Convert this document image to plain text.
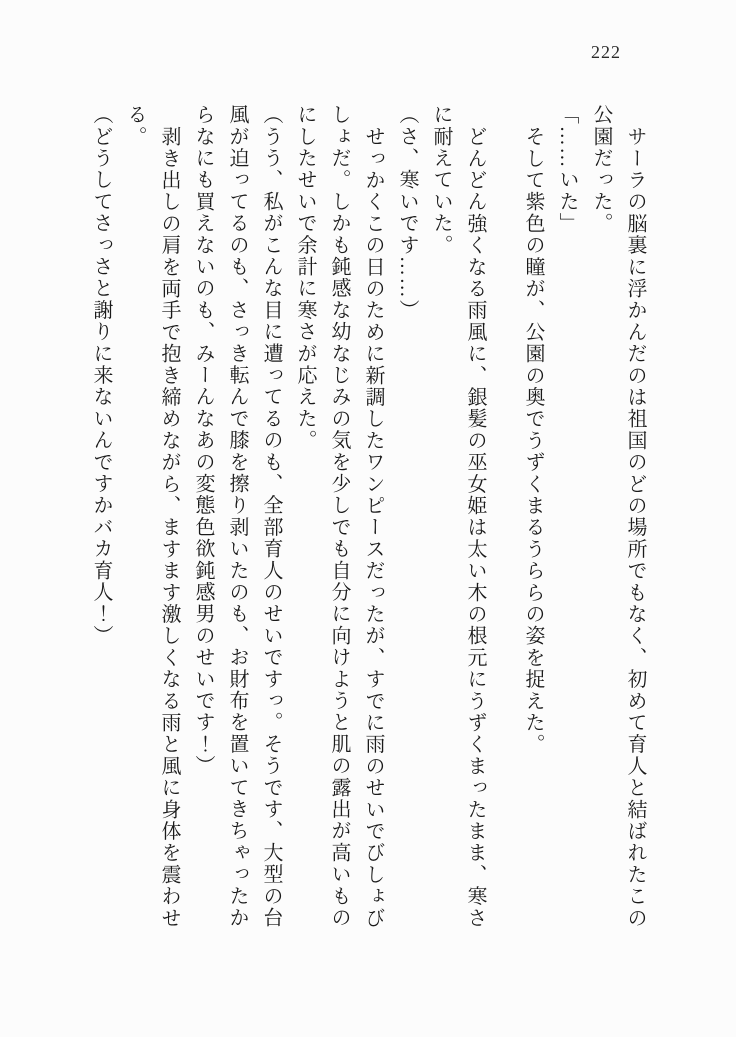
222

サーラの脳裏に浮かんだのは祖国のどの場所でもなく、初めて育人と結ばれたこの

公園だった。

「……いた」

そして紫色の瞳が、公園の奥でうずくまるうららの姿を捉えた。

どんどん強くなる雨風に、銀髪の巫女姫は太い木の根元にうずくまったまま、寒さ

に耐えていた。

（さ、寒いです……）

せっかくこの日のために新調したワンピースだったが、すでに雨のせいでびしょび

しょだ。しかも鈍感な幼なじみの気を少しでも自分に向けようと肌の露出が高いもの

にしたせいで余計に寒さが応えた。

（うう、私がこんな目に遭ってるのも、全部育人のせいですっ。そうです、大型の台

風が迫ってるのも、さっき転んで膝を擦り剥いたのも、お財布を置いてきちゃったか

らなにも買えないのも、みーんなあの変態色欲鈍感男のせいです！）

剥き出しの肩を両手で抱き締めながら、ますます激しくなる雨と風に身体を震わせ

る。

（どうしてさっさと謝りに来ないんですかバカ育人！）
